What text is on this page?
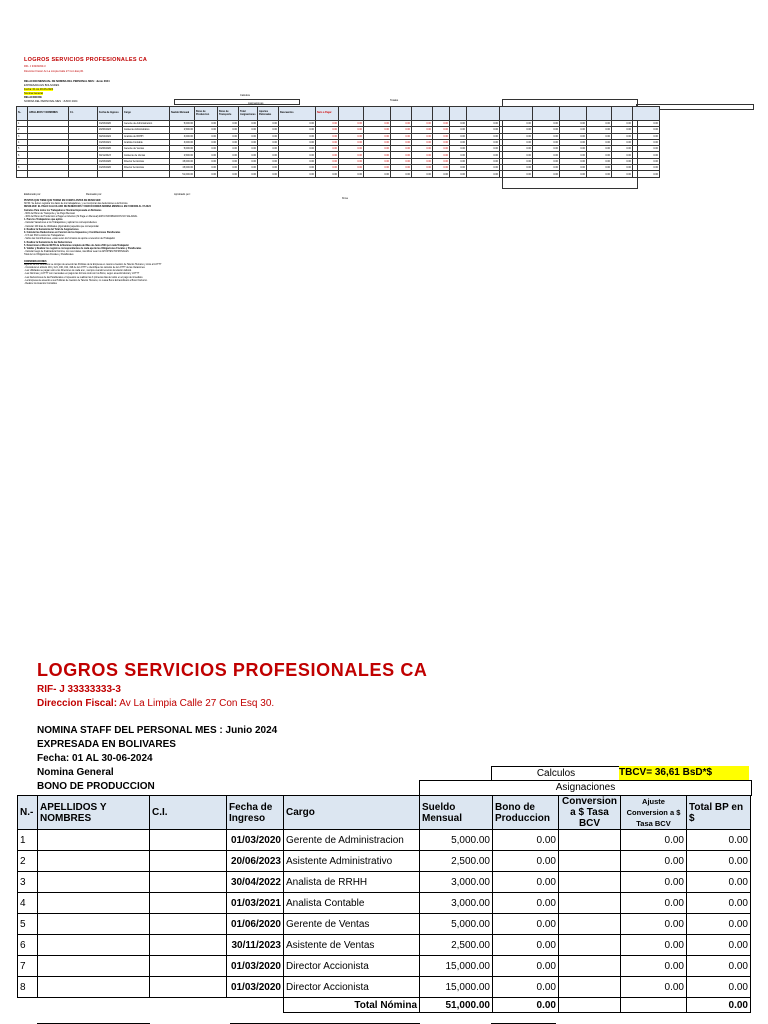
LOGROS SERVICIOS PROFESIONALES CA
RIF- J 33333333-3
Direccion Fiscal: Av La Limpia Calle 27 Con Esq 30.
RELACION MENSUAL DE NOMINA DEL PERSONAL MES : Junio 2024
EXPRESADA EN BOLIVARES
Fecha: 01 AL 30-06-2024
Nomina General
RELACION DE
NOMINA DEL PERSONAL MES : JUNIO 2024
Calculos
Asignaciones
Totales
N.-	APELLIDOS Y NOMBRES	C.I.	Fecha de Ingreso	Cargo	Sueldo Mensual	Bono de Produccion	Bono de Transporte	Total Asignaciones	Aportes Patronales	Descuentos	Neto a Pagar													
1			01/03/2020	Gerente de Administracion	5,000.00	0.00	0.00	0.00	0.00	0.00	0.00	0.00	0.00	0.00	0.00	0.00	0.00	0.00	0.00	0.00	0.00	0.00	0.00	0.00
2			20/06/2023	Asistente Administrativo	2,500.00	0.00	0.00	0.00	0.00	0.00	0.00	0.00	0.00	0.00	0.00	0.00	0.00	0.00	0.00	0.00	0.00	0.00	0.00	0.00
3			30/04/2022	Analista de RRHH	3,000.00	0.00	0.00	0.00	0.00	0.00	0.00	0.00	0.00	0.00	0.00	0.00	0.00	0.00	0.00	0.00	0.00	0.00	0.00	0.00
4			01/03/2021	Analista Contable	3,000.00	0.00	0.00	0.00	0.00	0.00	0.00	0.00	0.00	0.00	0.00	0.00	0.00	0.00	0.00	0.00	0.00	0.00	0.00	0.00
5			01/06/2020	Gerente de Ventas	5,000.00	0.00	0.00	0.00	0.00	0.00	0.00	0.00	0.00	0.00	0.00	0.00	0.00	0.00	0.00	0.00	0.00	0.00	0.00	0.00
6			30/11/2023	Asistente de Ventas	2,500.00	0.00	0.00	0.00	0.00	0.00	0.00	0.00	0.00	0.00	0.00	0.00	0.00	0.00	0.00	0.00	0.00	0.00	0.00	0.00
7			01/03/2020	Director Accionista	15,000.00	0.00	0.00	0.00	0.00	0.00	0.00	0.00	0.00	0.00	0.00	0.00	0.00	0.00	0.00	0.00	0.00	0.00	0.00	0.00
8			01/03/2020	Director Accionista	15,000.00	0.00	0.00	0.00	0.00	0.00	0.00	0.00	0.00	0.00	0.00	0.00	0.00	0.00	0.00	0.00	0.00	0.00	0.00	0.00
					51,000.00	0.00	0.00	0.00	0.00	0.00	0.00	0.00	0.00	0.00	0.00	0.00	0.00	0.00	0.00	0.00	0.00	0.00	0.00	0.00
Elaborado por:	Revisado por:	Aprobado por:
firma
PUNTOS QUE TIENE QUE TOMAR EN CUENTA ANTES DE RESOLVER:
NOTA: Se deben registrar los datos de los trabajadores, y se incorporan las deducciones a la Nomina
RESOLVER: EL PAGO CALCULADO DE BENEFICIOS Y DEDUCCIONES NOMINA MENSUAL EN FUNCION AL 07-2024
Calculos Para todos los Trabajadores: Nomina Expresada en Bolivares
- 60% del Bono de Transporte y de Pago Mensual
- 40% del Bono de Produccion a Pagar en Efectivo (Si Paga en Mensual) ESTA INFORMACION NO SALARIAL
1- Para los Trabajadores que aplica
- Calcular Vacaciones a los Trabajadores y aplicar los correspondientes
- Calcular 100 dias de Utilidades (Aguinaldos) aquellos que correspondan
2- Realizar la Sumatoria del Total de Asignaciones
3- Calcular las Deducciones en Funcion de los Impuestos y Contribuciones Parafiscales
- 9 % del SSO a todos los Trabajadores
- Sobre las Contribuciones, estas seran los formatos de aporte a retencion del Trabajador
4- Realizar la Sumatoria de las Deducciones
5- Determinar el Monto NETO de la Nomina completa del Mes de Junio 2024 por cada Trabajador
6- Validar y Realizar los registros correspondientes de cada aporte las Obligaciones Fiscales y Parafiscales
- Calcular luego de finalizada la Nomina, con sus totales, identificar sean los APORTES PATRONALES
Total de los Obligaciones Fiscales y Parafiscales
CONSIDERACIONES
Algunos de los beneficios se otorgan de acuerdo las Politicas de la Empresa en cuanto a Gestion de Talento Humano y otros al LOTTT
- Considerar el articulo 104 y 121, 190, 192, 196 de la LOTTT e identifique los calculos de la LOTTT de las Vacaciones
- Las Utilidades se pagan solo a los Directores de cada ano , siempre cuando tenemos la relacion laboral.
- Las Nominas y LOTTT son mensuales en pagos las formule todo con los Bono, segun acuerdo laboral y LOTTT
- Las Deducciones de las Parafiscales e Impuestos se realizan las 3 primeras dias de todos en el pago de inmediato.
- La Empresa de acuerdo a sus Politicas de Gestion de Talento Humano, no cuasa Bono Extraordinario a Bono Nocturno.
- Realice los Asientos Contables
LOGROS SERVICIOS PROFESIONALES CA
RIF- J 33333333-3
Direccion Fiscal: Av La Limpia Calle 27 Con Esq 30.
NOMINA STAFF DEL PERSONAL MES : Junio 2024
EXPRESADA EN BOLIVARES
Fecha: 01 AL 30-06-2024
Nomina General
BONO DE PRODUCCION
Calculos	TBCV= 36,61 BsD*$
Asignaciones
N.-	APELLIDOS Y NOMBRES	C.I.	Fecha de Ingreso	Cargo	Sueldo Mensual	Bono de Produccion	Conversion a $ Tasa BCV	Ajuste Conversion a $ Tasa BCV	Total BP en $
1			01/03/2020	Gerente de Administracion	5,000.00	0.00		0.00	0.00
2			20/06/2023	Asistente Administrativo	2,500.00	0.00		0.00	0.00
3			30/04/2022	Analista de RRHH	3,000.00	0.00		0.00	0.00
4			01/03/2021	Analista Contable	3,000.00	0.00		0.00	0.00
5			01/06/2020	Gerente de Ventas	5,000.00	0.00		0.00	0.00
6			30/11/2023	Asistente de Ventas	2,500.00	0.00		0.00	0.00
7			01/03/2020	Director Accionista	15,000.00	0.00		0.00	0.00
8			01/03/2020	Director Accionista	15,000.00	0.00		0.00	0.00
				Total Nómina	51,000.00	0.00			0.00
